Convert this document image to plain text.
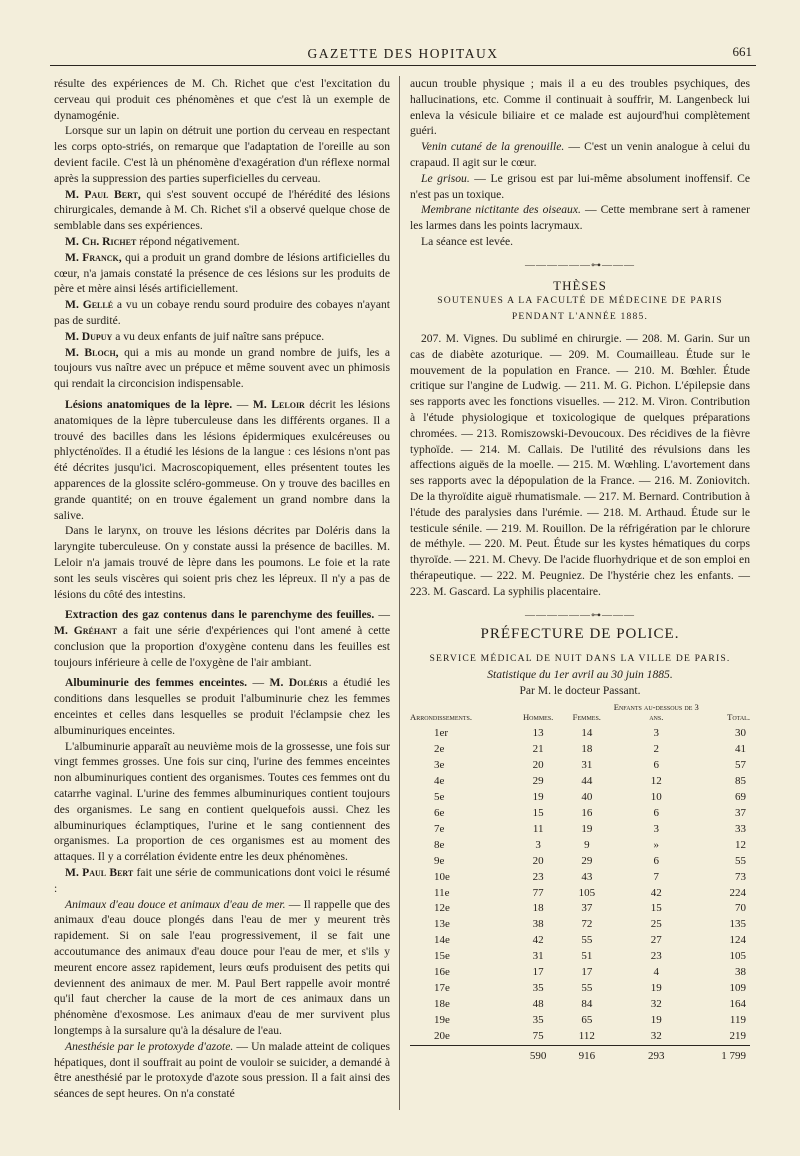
GAZETTE DES HOPITAUX	661

résulte des expériences de M. Ch. Richet que c'est l'excitation du cerveau qui produit ces phénomènes et que c'est là un exemple de dynamogénie.

Lorsque sur un lapin on détruit une portion du cerveau en respectant les corps opto-striés, on remarque que l'adaptation de l'oreille au son devient facile. C'est là un phénomène d'exagération d'un réflexe normal après la suppression des parties superficielles du cerveau.

M. Paul Bert, qui s'est souvent occupé de l'hérédité des lésions chirurgicales, demande à M. Ch. Richet s'il a observé quelque chose de semblable dans ses expériences.

M. Ch. Richet répond négativement.

M. Franck, qui a produit un grand dombre de lésions artificielles du cœur, n'a jamais constaté la présence de ces lésions sur les produits de père et mère ainsi lésés artificiellement.

M. Gellé a vu un cobaye rendu sourd produire des cobayes n'ayant pas de surdité.

M. Dupuy a vu deux enfants de juif naître sans prépuce.

M. Bloch, qui a mis au monde un grand nombre de juifs, les a toujours vus naître avec un prépuce et même souvent avec un phimosis qui rendait la circoncision indispensable.

Lésions anatomiques de la lèpre. — M. Leloir décrit les lésions anatomiques de la lèpre tuberculeuse dans les différents organes. Il a trouvé des bacilles dans les lésions épidermiques exulcéreuses ou phlycténoïdes. Il a étudié les lésions de la langue : ces lésions n'ont pas été décrites jusqu'ici. Macroscopiquement, elles présentent toutes les apparences de la glossite scléro-gommeuse. On y trouve des bacilles en grande quantité; on en trouve également un grand nombre dans la salive.

Dans le larynx, on trouve les lésions décrites par Doléris dans la laryngite tuberculeuse. On y constate aussi la présence de bacilles. M. Leloir n'a jamais trouvé de lèpre dans les poumons. Le foie et la rate sont les seuls viscères qui soient pris chez les lépreux. Il n'y a pas de lésions du côté des intestins.

Extraction des gaz contenus dans le parenchyme des feuilles. — M. Gréhant a fait une série d'expériences qui l'ont amené à cette conclusion que la proportion d'oxygène contenu dans les feuilles est toujours inférieure à celle de l'oxygène de l'air ambiant.

Albuminurie des femmes enceintes. — M. Doléris a étudié les conditions dans lesquelles se produit l'albuminurie chez les femmes enceintes et celles dans lesquelles se produit l'éclampsie chez les albuminuriques enceintes.

L'albuminurie apparaît au neuvième mois de la grossesse, une fois sur vingt femmes grosses. Une fois sur cinq, l'urine des femmes enceintes non albuminuriques contient des organismes. Toutes ces femmes ont du catarrhe vaginal. L'urine des femmes albuminuriques contient toujours des organismes. Le sang en contient quelquefois aussi. Chez les albuminuriques éclamptiques, l'urine et le sang contiennent des organismes. La proportion de ces organismes est au moment des attaques. Il y a corrélation évidente entre les deux phénomènes.

M. Paul Bert fait une série de communications dont voici le résumé :

Animaux d'eau douce et animaux d'eau de mer. — Il rappelle que des animaux d'eau douce plongés dans l'eau de mer y meurent très rapidement. Si on sale l'eau progressivement, il se fait une accoutumance des animaux d'eau douce pour l'eau de mer, et s'ils y meurent encore assez rapidement, leurs œufs produisent des petits qui deviennent des animaux de mer. M. Paul Bert rappelle avoir montré qu'il faut chercher la cause de la mort de ces animaux dans un phénomène d'exosmose. Les animaux d'eau de mer survivent plus longtemps à la sursalure qu'à la désalure de l'eau.

Anesthésie par le protoxyde d'azote. — Un malade atteint de coliques hépatiques, dont il souffrait au point de vouloir se suicider, a demandé à être anesthésié par le protoxyde d'azote sous pression. Il a fait ainsi des séances de sept heures. On n'a constaté

aucun trouble physique ; mais il a eu des troubles psychiques, des hallucinations, etc. Comme il continuait à souffrir, M. Langenbeck lui enleva la vésicule biliaire et ce malade est aujourd'hui complètement guéri.

Venin cutané de la grenouille. — C'est un venin analogue à celui du crapaud. Il agit sur le cœur.

Le grisou. — Le grisou est par lui-même absolument inoffensif. Ce n'est pas un toxique.

Membrane nictitante des oiseaux. — Cette membrane sert à ramener les larmes dans les points lacrymaux.

La séance est levée.

——————⊶———

THÈSES

SOUTENUES A LA FACULTÉ DE MÉDECINE DE PARIS

PENDANT L'ANNÉE 1885.

207. M. Vignes. Du sublimé en chirurgie. — 208. M. Garin. Sur un cas de diabète azoturique. — 209. M. Coumailleau. Étude sur le mouvement de la population en France. — 210. M. Bœhler. Étude critique sur l'angine de Ludwig. — 211. M. G. Pichon. L'épilepsie dans ses rapports avec les fonctions visuelles. — 212. M. Viron. Contribution à l'étude physiologique et toxicologique de quelques préparations chromées. — 213. Romiszowski-Devoucoux. Des récidives de la fièvre typhoïde. — 214. M. Callais. De l'utilité des révulsions dans les affections aiguës de la moelle. — 215. M. Wœhling. L'avortement dans ses rapports avec la dépopulation de la France. — 216. M. Zoniovitch. De la thyroïdite aiguë rhumatismale. — 217. M. Bernard. Contribution à l'étude des paralysies dans l'urémie. — 218. M. Arthaud. Étude sur le testicule sénile. — 219. M. Rouillon. De la réfrigération par le chlorure de méthyle. — 220. M. Peut. Étude sur les kystes hématiques du corps thyroïde. — 221. M. Chevy. De l'acide fluorhydrique et de son emploi en thérapeutique. — 222. M. Peugniez. De l'hystérie chez les enfants. — 223. M. Gascard. La syphilis placentaire.

——————⊶———

PRÉFECTURE DE POLICE.

SERVICE MÉDICAL DE NUIT DANS LA VILLE DE PARIS.

Statistique du 1er avril au 30 juin 1885.

Par M. le docteur Passant.

Arrondissements.	Hommes.	Femmes.	Enfants au-dessous de 3 ans.	Total.
1er	13	14	3	30
2e	21	18	2	41
3e	20	31	6	57
4e	29	44	12	85
5e	19	40	10	69
6e	15	16	6	37
7e	11	19	3	33
8e	3	9	»	12
9e	20	29	6	55
10e	23	43	7	73
11e	77	105	42	224
12e	18	37	15	70
13e	38	72	25	135
14e	42	55	27	124
15e	31	51	23	105
16e	17	17	4	38
17e	35	55	19	109
18e	48	84	32	164
19e	35	65	19	119
20e	75	112	32	219
	590	916	293	1 799
